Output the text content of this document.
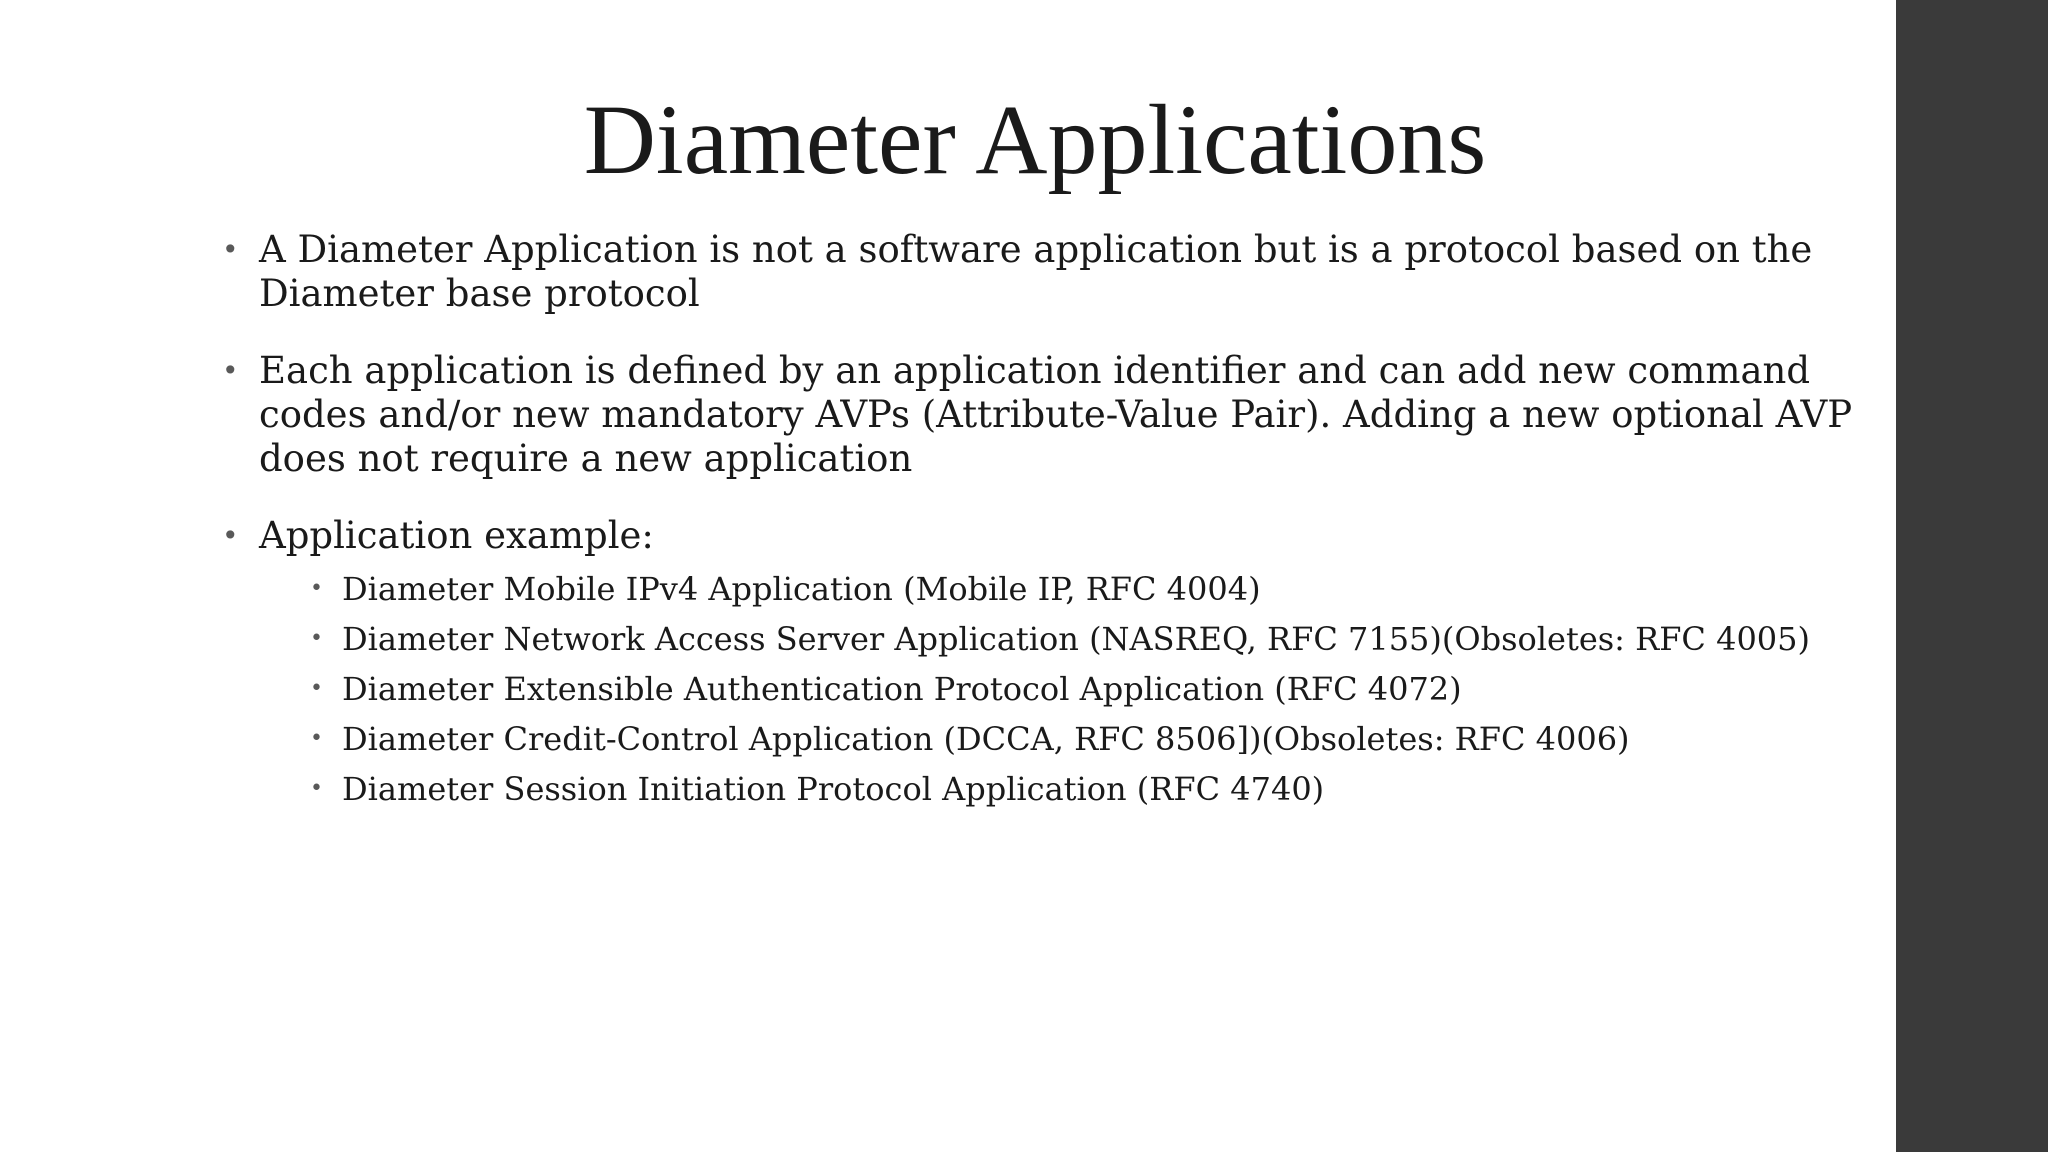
Diameter Applications
• A Diameter Application is not a software application but is a protocol based on the Diameter base protocol
• Each application is defined by an application identifier and can add new command codes and/or new mandatory AVPs (Attribute-Value Pair). Adding a new optional AVP does not require a new application
• Application example:
• Diameter Mobile IPv4 Application (Mobile IP, RFC 4004)
• Diameter Network Access Server Application (NASREQ, RFC 7155)(Obsoletes: RFC 4005)
• Diameter Extensible Authentication Protocol Application (RFC 4072)
• Diameter Credit-Control Application (DCCA, RFC 8506])(Obsoletes: RFC 4006)
• Diameter Session Initiation Protocol Application (RFC 4740)
